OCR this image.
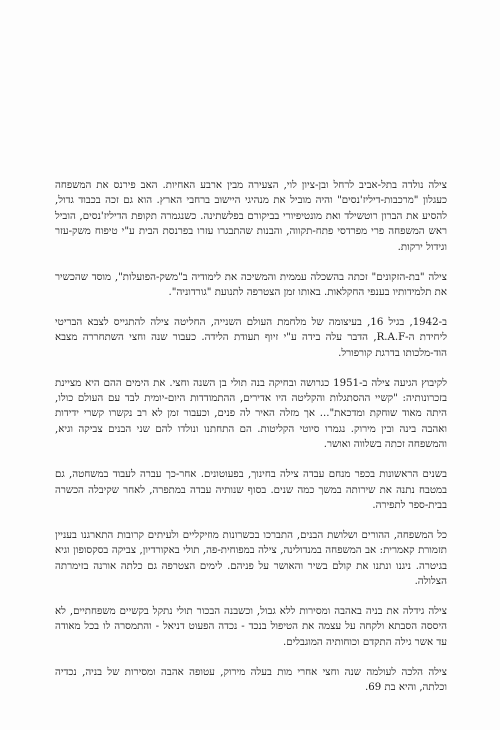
צילה נולדה בתל-אביב לרחל ובן-ציון לוי, הצעירה מבין ארבע האחיות. האב פירנס את המשפחה כעגלון "מרכבות-דיליז'נסים" והיה מוביל את מנהיגי היישוב ברחבי הארץ. הוא גם זכה בכבוד גדול, להסיע את הברון רוטשילד ואת מונטיפיורי בביקורם בפלשתינה. כשנגמרה תקופת הדיליז'נסים, הוביל ראש המשפחה פרי מפרדסי פתח-תקווה, והבנות שהתבגרו עזרו בפרנסת הבית ע"י טיפוח משק-עזר וגידול ירקות.

צילה "בת-הזקונים" זכתה בהשכלה עממית והמשיכה את לימודיה ב"משק-הפועלות", מוסד שהכשיר את תלמידותיו בענפי החקלאות. באותו זמן הצטרפה לתנועת "גורדוניה".

ב-1942, בגיל 16, בעיצומה של מלחמת העולם השנייה, החליטה צילה להתגייס לצבא הבריטי ליחידת ה-R.A.F, הדבר עלה בידה ע"י זיוף תעודת הלידה. כעבור שנה וחצי השתחררה מצבא הוד-מלכותו בדרגת קורפורל.

לקיבוץ הגיעה צילה ב-1951 כגרושה ובחיקה בנה תולי בן השנה וחצי. את הימים ההם היא מציינת בזכרונותיה: "קשיי ההסתגלות והקליטה היו אדירים, ההתמודדות היום-יומית לבד עם העולם כולו, היתה מאוד שוחקת ומדכאת"... אך מזלה האיר לה פנים, וכעבור זמן לא רב נקשרו קשרי ידידות ואהבה בינה ובין מירוק. נגמרו סיוטי הקליטות. הם התחתנו ונולדו להם שני הבנים צביקה וגיא, והמשפחה זכתה בשלווה ואושר.

בשנים הראשונות בכפר מנחם עבדה צילה בחינוך, בפעוטונים. אחר-כך עברה לעבוד במשחטה, גם במטבח נתנה את שירותה במשך כמה שנים. בסוף שנותיה עבדה במתפרה, לאחר שקיבלה הכשרה בבית-ספר לתפירה.

כל המשפחה, ההורים ושלושת הבנים, התברכו בכשרונות מוזיקליים ולעיתים קרובות התארגנו בעניין תזמורת קאמרית: אב המשפחה במנדולינה, צילה במפוחית-פה, תולי באקורדיון, צביקה בסקסופון וגיא בגיטרה. ניגנו ונתנו את קולם בשיר והאושר על פניהם. לימים הצטרפה גם כלתה אורנה בזימרתה הצלולה.

צילה גידלה את בניה באהבה ומסירות ללא גבול, וכשבנה הבכור תולי נתקל בקשיים משפחתיים, לא היססה הסבתא ולקחה על עצמה את הטיפול בנכד - נכדה הפעוט דניאל - והתמסרה לו בכל מאודה עד אשר גילה התקדם וכוחותיה המוגבלים.

צילה הלכה לעולמה שנה וחצי אחרי מות בעלה מירוק, עטופה אהבה ומסירות של בניה, נכדיה וכלתה, והיא בת 69.
